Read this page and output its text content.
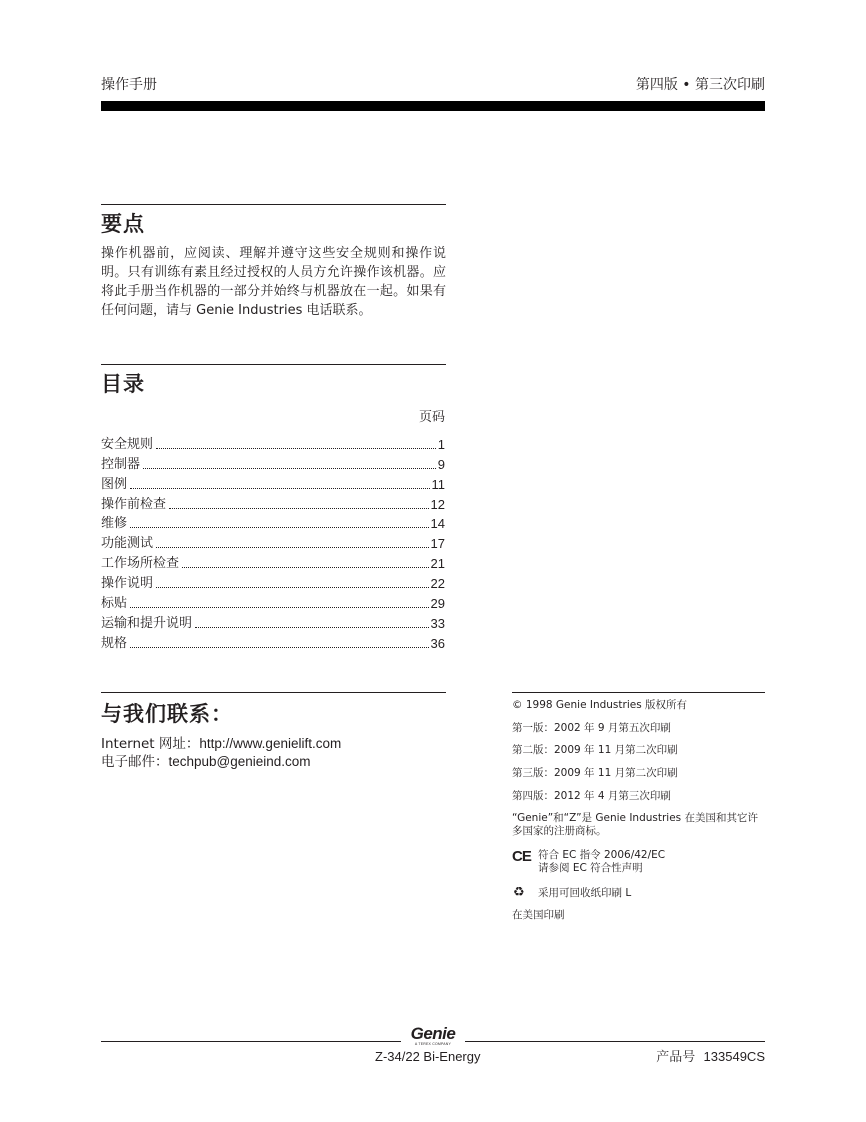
操作手册	第四版 • 第三次印刷
要点
操作机器前，应阅读、理解并遵守这些安全规则和操作说明。只有训练有素且经过授权的人员方允许操作该机器。应将此手册当作机器的一部分并始终与机器放在一起。如果有任何问题，请与 Genie Industries 电话联系。
目录
页码
安全规则	1
控制器	9
图例	11
操作前检查	12
维修	14
功能测试	17
工作场所检查	21
操作说明	22
标贴	29
运输和提升说明	33
规格	36
与我们联系：
Internet 网址：http://www.genielift.com
电子邮件：techpub@genieind.com
© 1998 Genie Industries 版权所有
第一版：2002 年 9 月第五次印刷
第二版：2009 年 11 月第二次印刷
第三版：2009 年 11 月第二次印刷
第四版：2012 年 4 月第三次印刷
“Genie”和“Z”是 Genie Industries 在美国和其它许多国家的注册商标。
CE 符合 EC 指令 2006/42/EC
请参阅 EC 符合性声明
♻ 采用可回收纸印刷 L
在美国印刷
Genie
A TEREX COMPANY
Z-34/22 Bi-Energy	产品号 133549CS
